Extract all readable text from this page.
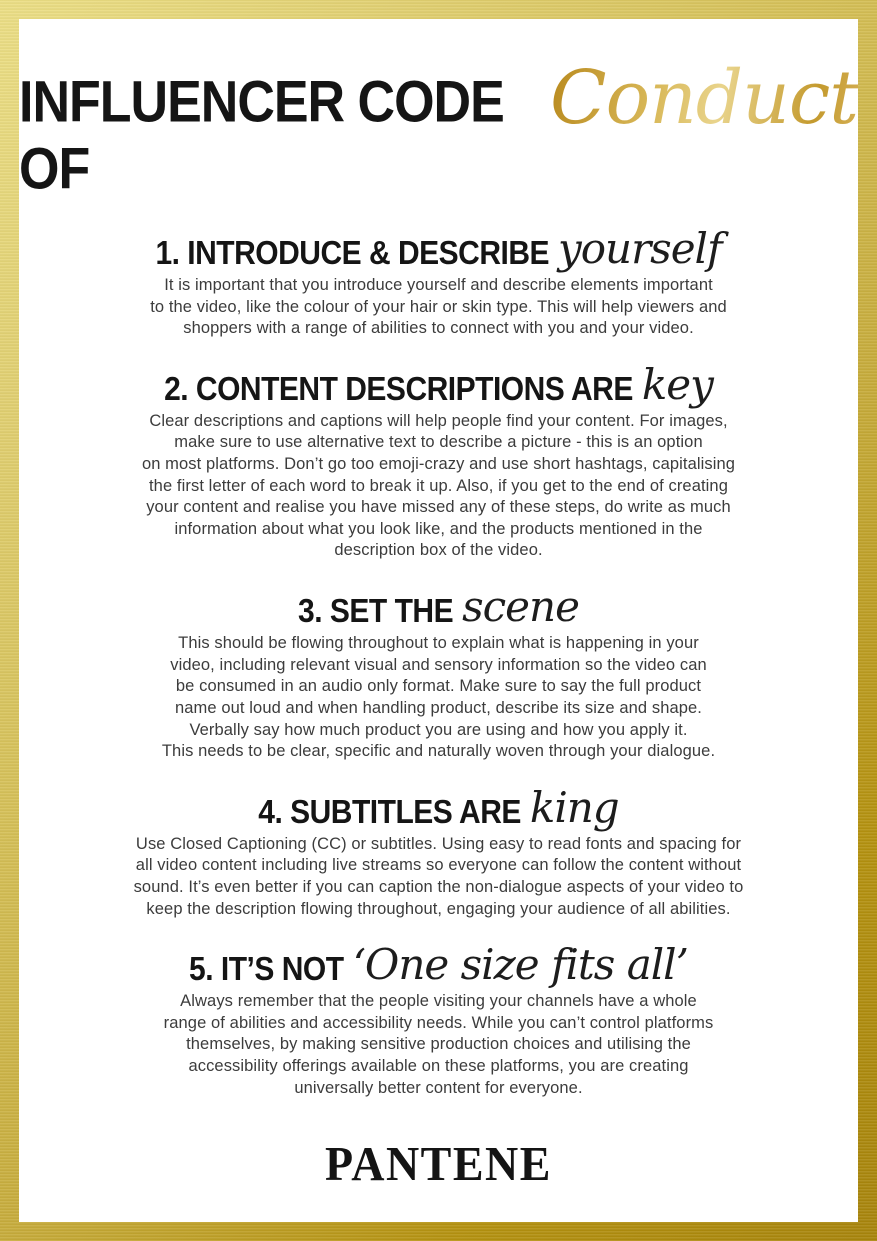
INFLUENCER CODE OF
Conduct
1. INTRODUCE & DESCRIBE yourself
It is important that you introduce yourself and describe elements important
to the video, like the colour of your hair or skin type. This will help viewers and
shoppers with a range of abilities to connect with you and your video.
2. CONTENT DESCRIPTIONS ARE key
Clear descriptions and captions will help people find your content. For images,
make sure to use alternative text to describe a picture - this is an option
on most platforms. Don’t go too emoji-crazy and use short hashtags, capitalising
the first letter of each word to break it up. Also, if you get to the end of creating
your content and realise you have missed any of these steps, do write as much
information about what you look like, and the products mentioned in the
description box of the video.
3. SET THE scene
This should be flowing throughout to explain what is happening in your
video, including relevant visual and sensory information so the video can
be consumed in an audio only format. Make sure to say the full product
name out loud and when handling product, describe its size and shape.
Verbally say how much product you are using and how you apply it.
This needs to be clear, specific and naturally woven through your dialogue.
4. SUBTITLES ARE king
Use Closed Captioning (CC) or subtitles. Using easy to read fonts and spacing for
all video content including live streams so everyone can follow the content without
sound. It’s even better if you can caption the non-dialogue aspects of your video to
keep the description flowing throughout, engaging your audience of all abilities.
5. IT’S NOT ‘One size fits all’
Always remember that the people visiting your channels have a whole
range of abilities and accessibility needs. While you can’t control platforms
themselves, by making sensitive production choices and utilising the
accessibility offerings available on these platforms, you are creating
universally better content for everyone.
PANTENE
